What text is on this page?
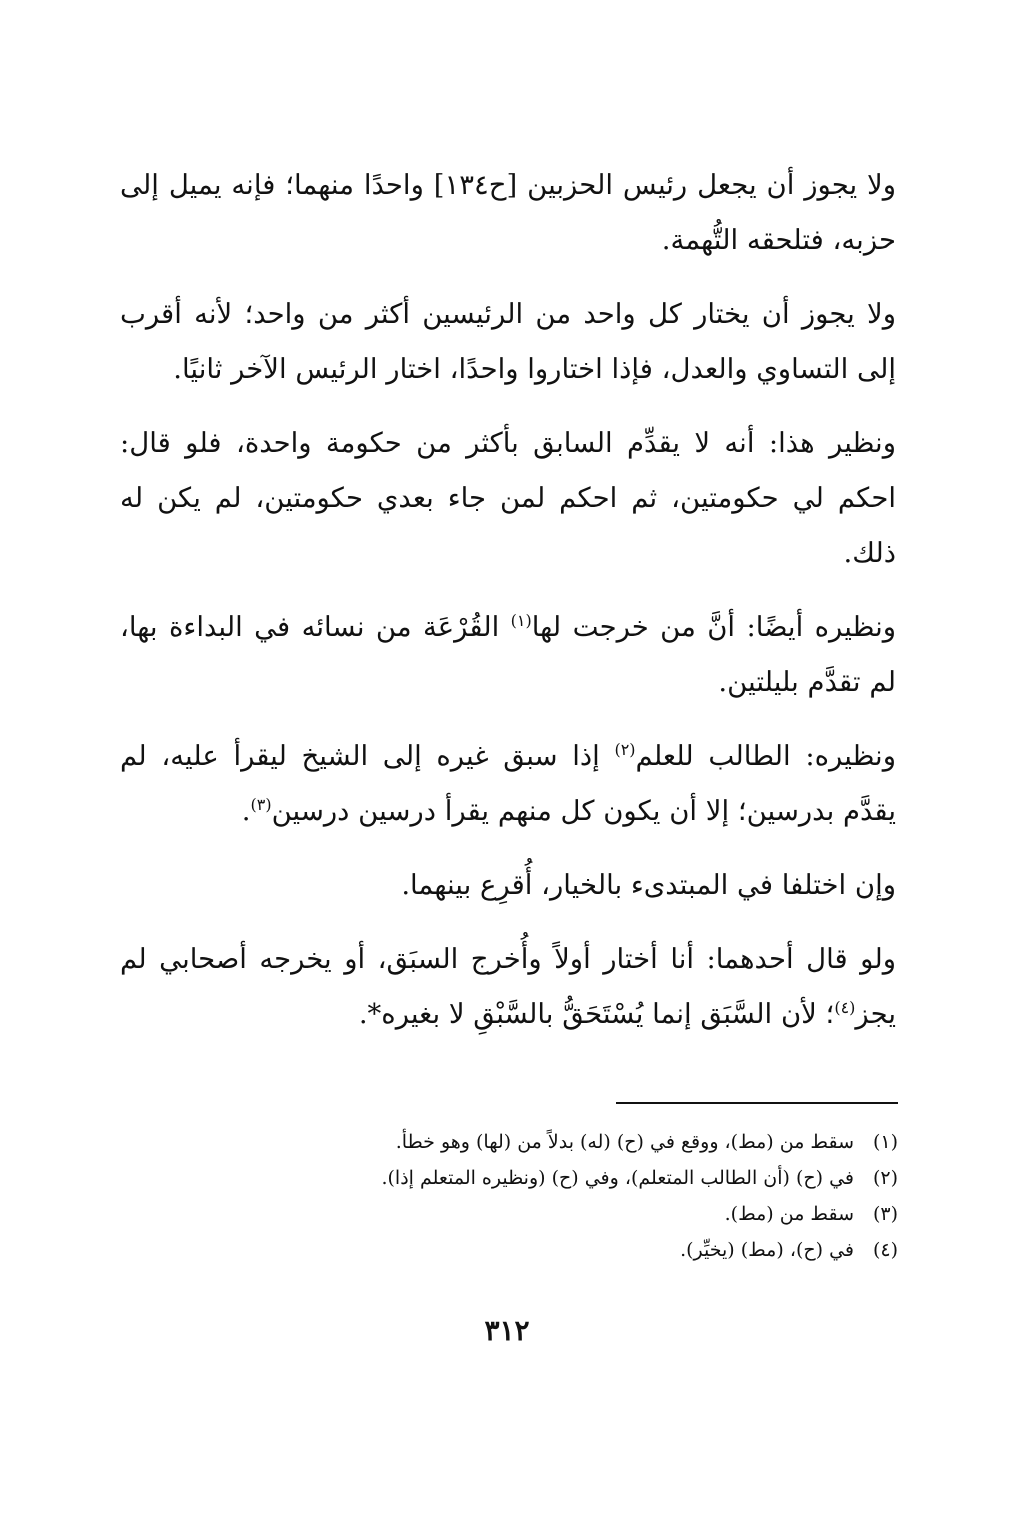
ولا يجوز أن يجعل رئيس الحزبين [ح١٣٤] واحدًا منهما؛ فإنه يميل إلى حزبه، فتلحقه التُّهمة.

ولا يجوز أن يختار كل واحد من الرئيسين أكثر من واحد؛ لأنه أقرب إلى التساوي والعدل، فإذا اختاروا واحدًا، اختار الرئيس الآخر ثانيًا.

ونظير هذا: أنه لا يقدِّم السابق بأكثر من حكومة واحدة، فلو قال: احكم لي حكومتين، ثم احكم لمن جاء بعدي حكومتين، لم يكن له ذلك.

ونظيره أيضًا: أنَّ من خرجت لها$^{(١)}$ القُرْعَة من نسائه في البداءة بها، لم تقدَّم بليلتين.

ونظيره: الطالب للعلم$^{(٢)}$ إذا سبق غيره إلى الشيخ ليقرأ عليه، لم يقدَّم بدرسين؛ إلا أن يكون كل منهم يقرأ درسين درسين$^{(٣)}$.

وإن اختلفا في المبتدىء بالخيار، أُقرِع بينهما.

ولو قال أحدهما: أنا أختار أولاً وأُخرج السبَق، أو يخرجه أصحابي لم يجز$^{(٤)}$؛ لأن السَّبَق إنما يُسْتَحَقُّ بالسَّبْقِ لا بغيره*.

(١)
سقط من (مط)، ووقع في (ح) (له) بدلاً من (لها) وهو خطأ.
(٢)
في (ح) (أن الطالب المتعلم)، وفي (ح) (ونظيره المتعلم إذا).
(٣)
سقط من (مط).
(٤)
في (ح)، (مط) (يخيِّر).
٣١٢
